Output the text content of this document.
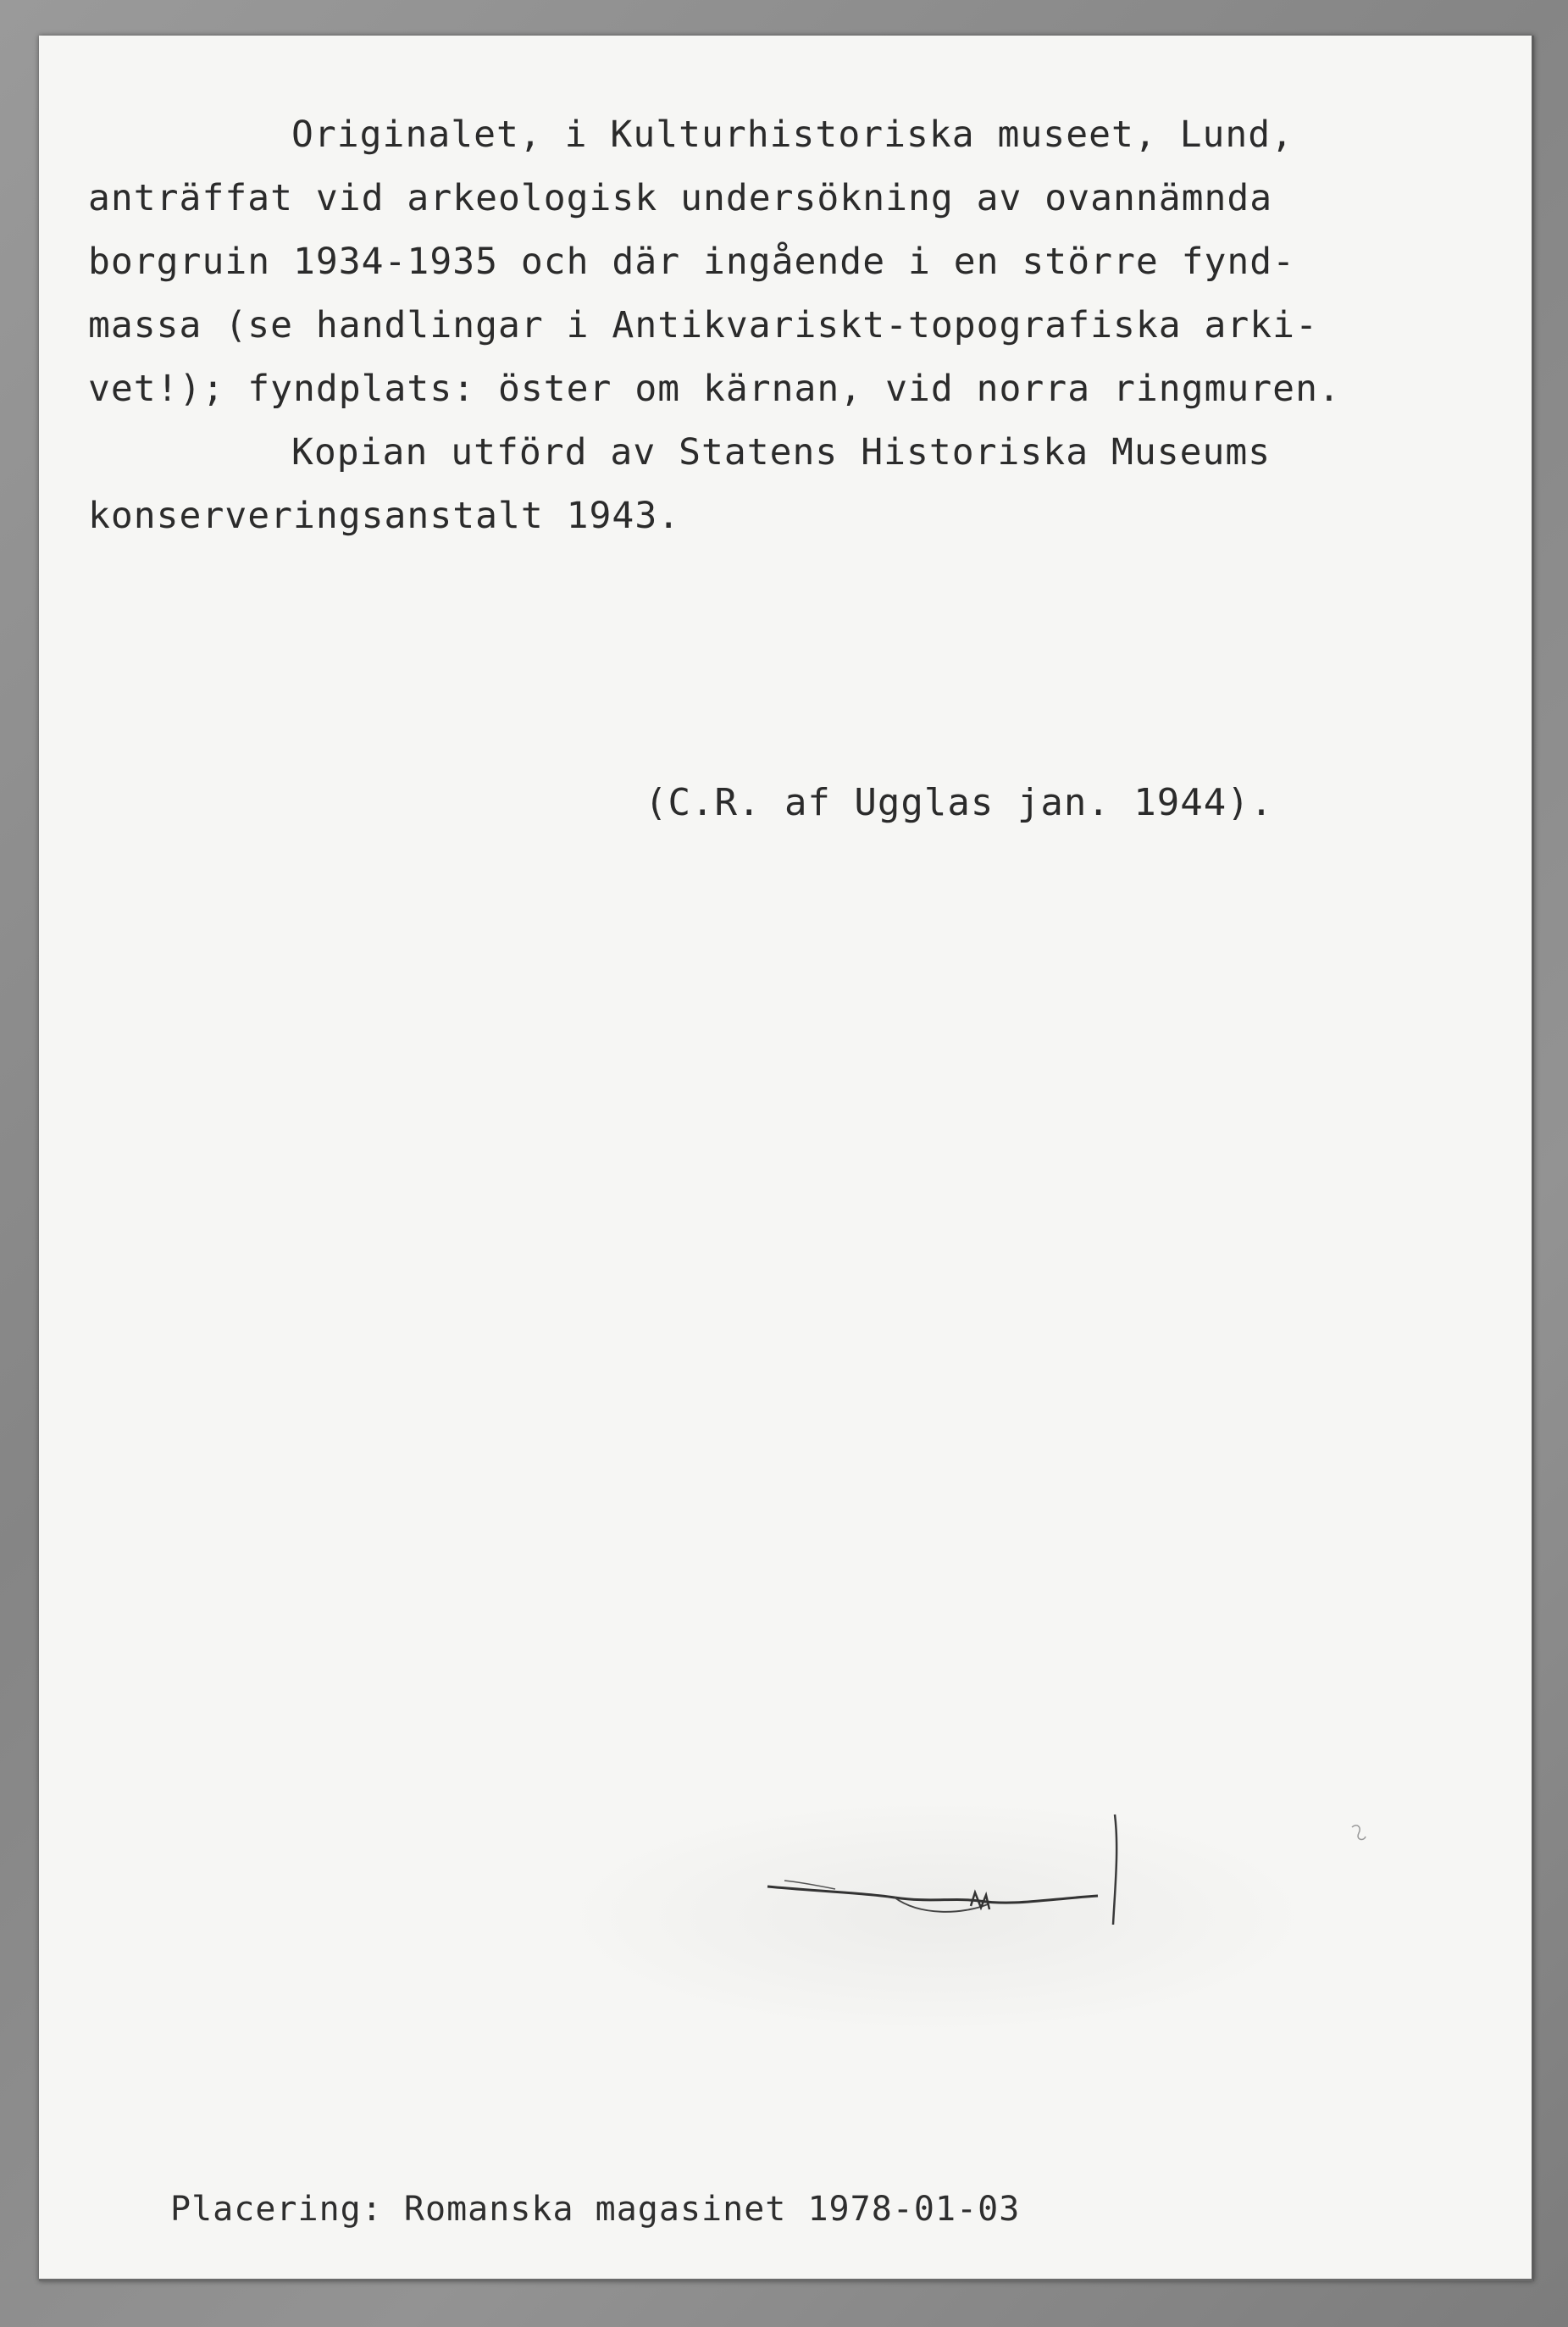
Originalet, i Kulturhistoriska museet, Lund,
anträffat vid arkeologisk undersökning av ovannämnda
borgruin 1934-1935 och där ingående i en större fynd-
massa (se handlingar i Antikvariskt-topografiska arki-
vet!); fyndplats: öster om kärnan, vid norra ringmuren.

Kopian utförd av Statens Historiska Museums
konserveringsanstalt 1943.

(C.R. af Ugglas jan. 1944).
Placering: Romanska magasinet 1978-01-03
